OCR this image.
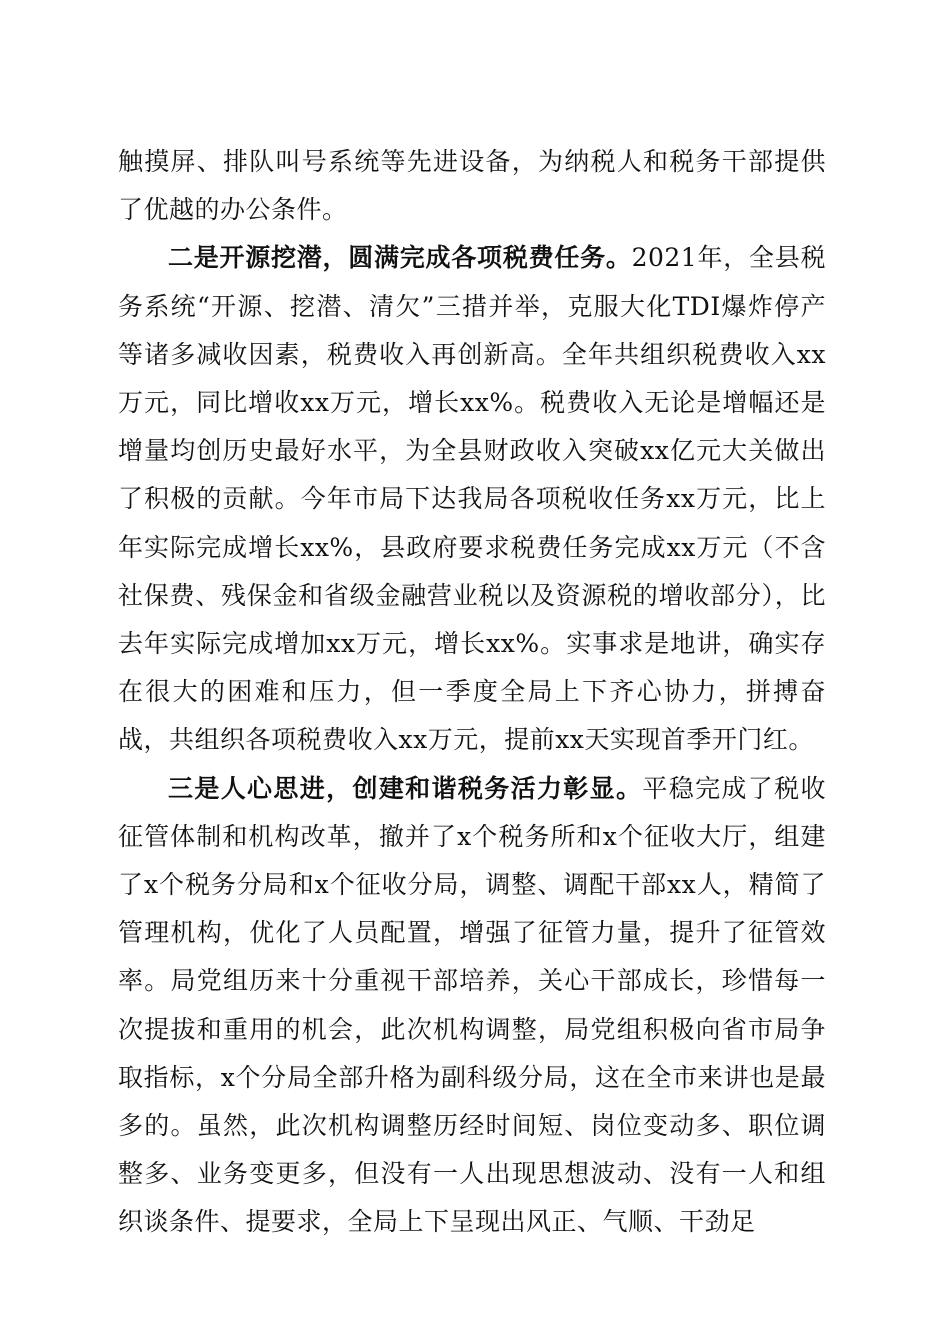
触摸屏、排队叫号系统等先进设备，为纳税人和税务干部提供了优越的办公条件。

二是开源挖潜，圆满完成各项税费任务。2021年，全县税务系统“开源、挖潜、清欠”三措并举，克服大化TDI爆炸停产等诸多减收因素，税费收入再创新高。全年共组织税费收入xx万元，同比增收xx万元，增长xx%。税费收入无论是增幅还是增量均创历史最好水平，为全县财政收入突破xx亿元大关做出了积极的贡献。今年市局下达我局各项税收任务xx万元，比上年实际完成增长xx%，县政府要求税费任务完成xx万元（不含社保费、残保金和省级金融营业税以及资源税的增收部分），比去年实际完成增加xx万元，增长xx%。实事求是地讲，确实存在很大的困难和压力，但一季度全局上下齐心协力，拼搏奋战，共组织各项税费收入xx万元，提前xx天实现首季开门红。

三是人心思进，创建和谐税务活力彰显。平稳完成了税收征管体制和机构改革，撤并了x个税务所和x个征收大厅，组建了x个税务分局和x个征收分局，调整、调配干部xx人，精简了管理机构，优化了人员配置，增强了征管力量，提升了征管效率。局党组历来十分重视干部培养，关心干部成长，珍惜每一次提拔和重用的机会，此次机构调整，局党组积极向省市局争取指标，x个分局全部升格为副科级分局，这在全市来讲也是最多的。虽然，此次机构调整历经时间短、岗位变动多、职位调整多、业务变更多，但没有一人出现思想波动、没有一人和组织谈条件、提要求，全局上下呈现出风正、气顺、干劲足
